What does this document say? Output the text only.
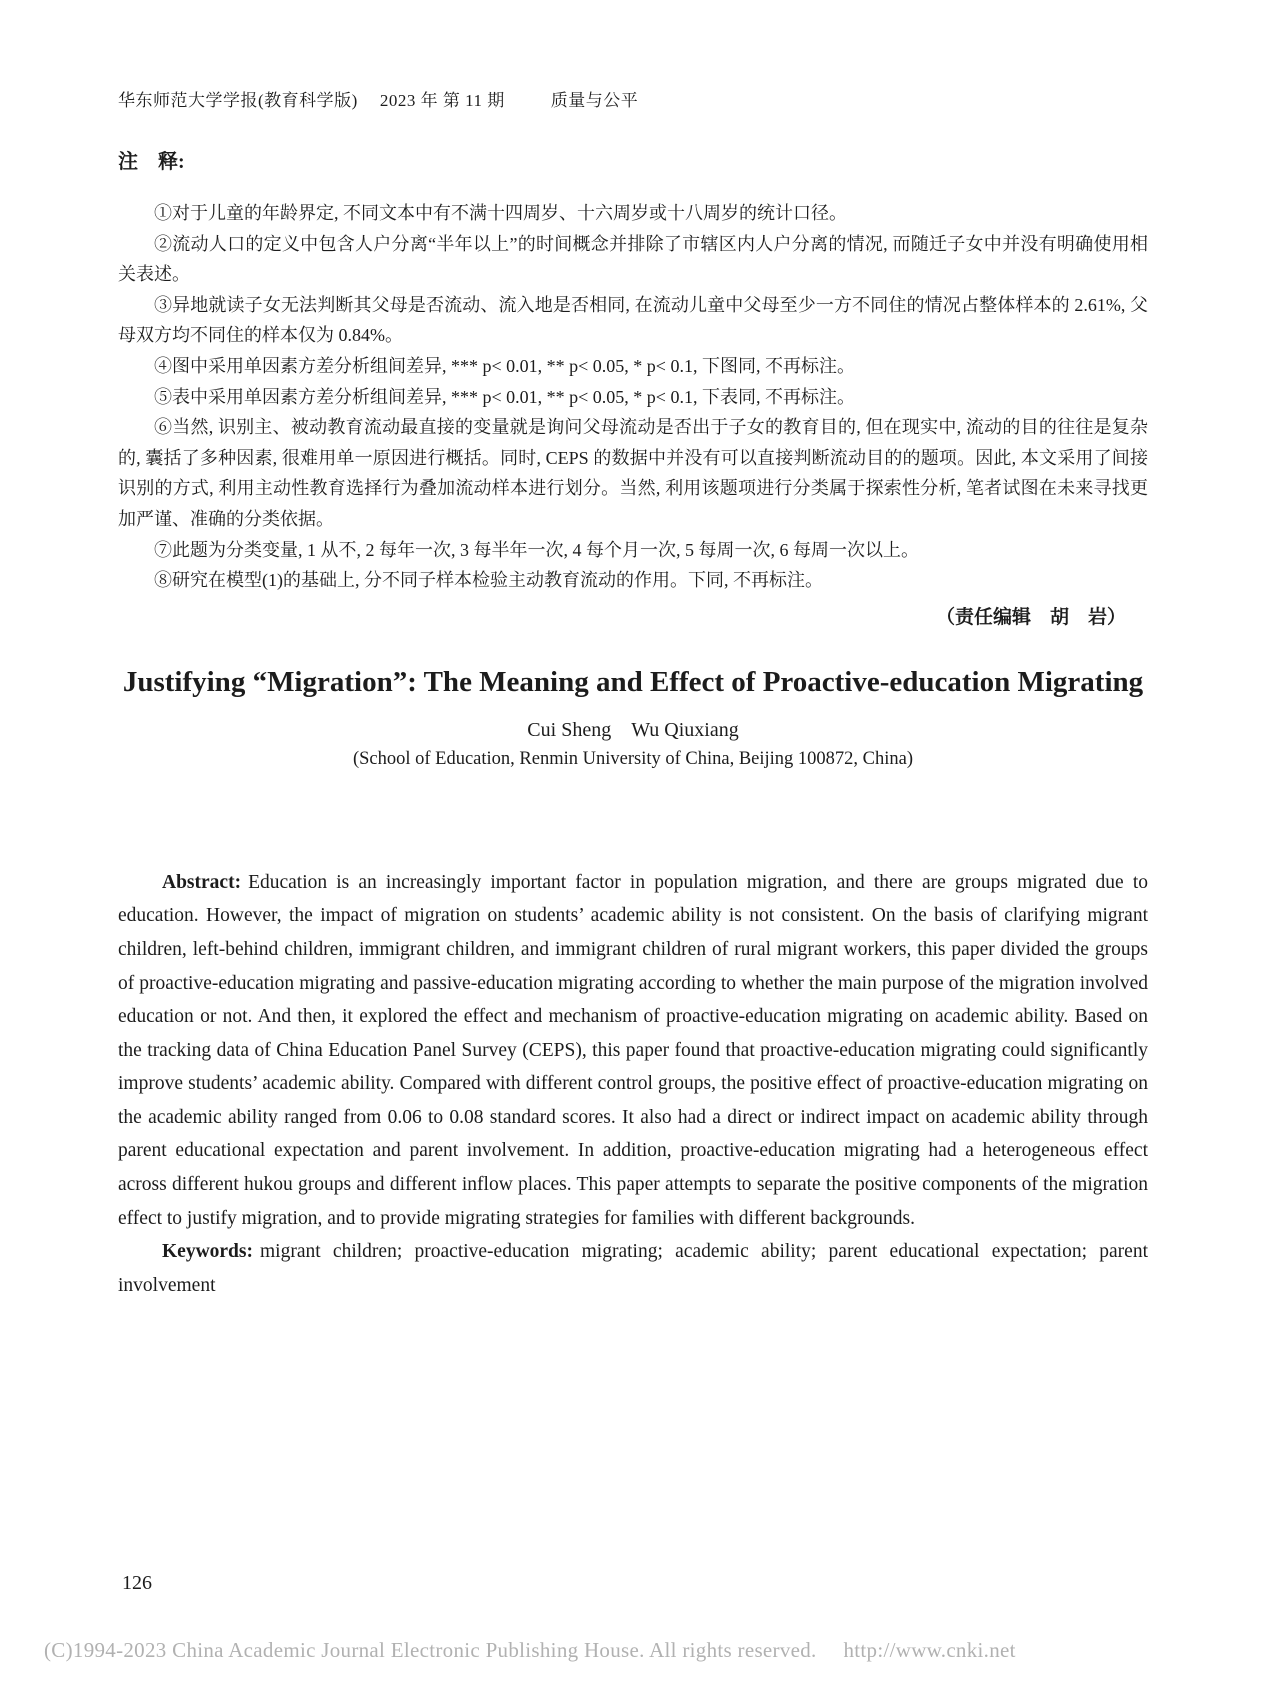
华东师范大学学报(教育科学版) 2023 年 第 11 期	质量与公平
注　释:

①对于儿童的年龄界定, 不同文本中有不满十四周岁、十六周岁或十八周岁的统计口径。

②流动人口的定义中包含人户分离“半年以上”的时间概念并排除了市辖区内人户分离的情况, 而随迁子女中并没有明确使用相关表述。

③异地就读子女无法判断其父母是否流动、流入地是否相同, 在流动儿童中父母至少一方不同住的情况占整体样本的 2.61%, 父母双方均不同住的样本仅为 0.84%。

④图中采用单因素方差分析组间差异, *** p< 0.01, ** p< 0.05, * p< 0.1, 下图同, 不再标注。

⑤表中采用单因素方差分析组间差异, *** p< 0.01, ** p< 0.05, * p< 0.1, 下表同, 不再标注。

⑥当然, 识别主、被动教育流动最直接的变量就是询问父母流动是否出于子女的教育目的, 但在现实中, 流动的目的往往是复杂的, 囊括了多种因素, 很难用单一原因进行概括。同时, CEPS 的数据中并没有可以直接判断流动目的的题项。因此, 本文采用了间接识别的方式, 利用主动性教育选择行为叠加流动样本进行划分。当然, 利用该题项进行分类属于探索性分析, 笔者试图在未来寻找更加严谨、准确的分类依据。

⑦此题为分类变量, 1 从不, 2 每年一次, 3 每半年一次, 4 每个月一次, 5 每周一次, 6 每周一次以上。

⑧研究在模型(1)的基础上, 分不同子样本检验主动教育流动的作用。下同, 不再标注。

（责任编辑　胡　岩）
Justifying “Migration”: The Meaning and Effect of Proactive-education Migrating
Cui Sheng　Wu Qiuxiang
(School of Education, Renmin University of China, Beijing 100872, China)

Abstract: Education is an increasingly important factor in population migration, and there are groups migrated due to education. However, the impact of migration on students’ academic ability is not consistent. On the basis of clarifying migrant children, left-behind children, immigrant children, and immigrant children of rural migrant workers, this paper divided the groups of proactive-education migrating and passive-education migrating according to whether the main purpose of the migration involved education or not. And then, it explored the effect and mechanism of proactive-education migrating on academic ability. Based on the tracking data of China Education Panel Survey (CEPS), this paper found that proactive-education migrating could significantly improve students’ academic ability. Compared with different control groups, the positive effect of proactive-education migrating on the academic ability ranged from 0.06 to 0.08 standard scores. It also had a direct or indirect impact on academic ability through parent educational expectation and parent involvement. In addition, proactive-education migrating had a heterogeneous effect across different hukou groups and different inflow places. This paper attempts to separate the positive components of the migration effect to justify migration, and to provide migrating strategies for families with different backgrounds.

Keywords: migrant children; proactive-education migrating; academic ability; parent educational expectation; parent involvement

126
(C)1994-2023 China Academic Journal Electronic Publishing House. All rights reserved.　 http://www.cnki.net
